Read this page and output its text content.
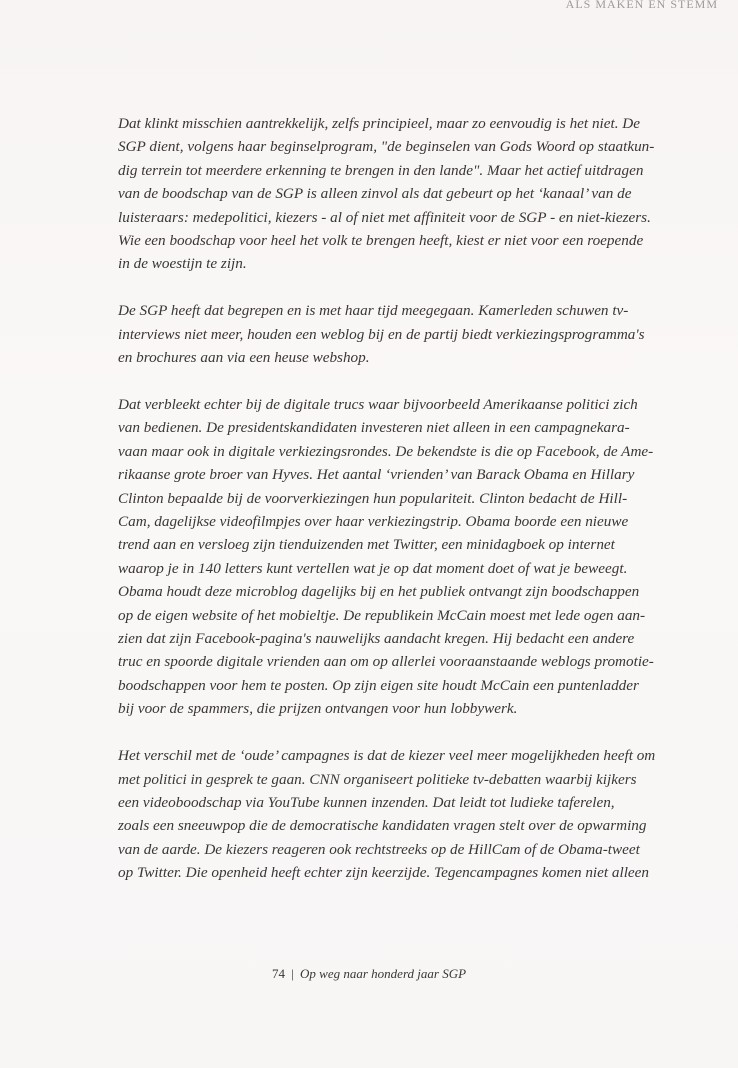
ALS MAKEN EN STEMM
Dat klinkt misschien aantrekkelijk, zelfs principieel, maar zo eenvoudig is het niet. De
SGP dient, volgens haar beginselprogram, "de beginselen van Gods Woord op staatkun-
dig terrein tot meerdere erkenning te brengen in den lande". Maar het actief uitdragen
van de boodschap van de SGP is alleen zinvol als dat gebeurt op het ‘kanaal’ van de
luisteraars: medepolitici, kiezers - al of niet met affiniteit voor de SGP - en niet-kiezers.
Wie een boodschap voor heel het volk te brengen heeft, kiest er niet voor een roepende
in de woestijn te zijn.
De SGP heeft dat begrepen en is met haar tijd meegegaan. Kamerleden schuwen tv-
interviews niet meer, houden een weblog bij en de partij biedt verkiezingsprogramma's
en brochures aan via een heuse webshop.
Dat verbleekt echter bij de digitale trucs waar bijvoorbeeld Amerikaanse politici zich
van bedienen. De presidentskandidaten investeren niet alleen in een campagnekara-
vaan maar ook in digitale verkiezingsrondes. De bekendste is die op Facebook, de Ame-
rikaanse grote broer van Hyves. Het aantal ‘vrienden’ van Barack Obama en Hillary
Clinton bepaalde bij de voorverkiezingen hun populariteit. Clinton bedacht de Hill-
Cam, dagelijkse videofilmpjes over haar verkiezingstrip. Obama boorde een nieuwe
trend aan en versloeg zijn tienduizenden met Twitter, een minidagboek op internet
waarop je in 140 letters kunt vertellen wat je op dat moment doet of wat je beweegt.
Obama houdt deze microblog dagelijks bij en het publiek ontvangt zijn boodschappen
op de eigen website of het mobieltje. De republikein McCain moest met lede ogen aan-
zien dat zijn Facebook-pagina's nauwelijks aandacht kregen. Hij bedacht een andere
truc en spoorde digitale vrienden aan om op allerlei vooraanstaande weblogs promotie-
boodschappen voor hem te posten. Op zijn eigen site houdt McCain een puntenladder
bij voor de spammers, die prijzen ontvangen voor hun lobbywerk.
Het verschil met de ‘oude’ campagnes is dat de kiezer veel meer mogelijkheden heeft om
met politici in gesprek te gaan. CNN organiseert politieke tv-debatten waarbij kijkers
een videoboodschap via YouTube kunnen inzenden. Dat leidt tot ludieke taferelen,
zoals een sneeuwpop die de democratische kandidaten vragen stelt over de opwarming
van de aarde. De kiezers reageren ook rechtstreeks op de HillCam of de Obama-tweet
op Twitter. Die openheid heeft echter zijn keerzijde. Tegencampagnes komen niet alleen
74 | Op weg naar honderd jaar SGP
